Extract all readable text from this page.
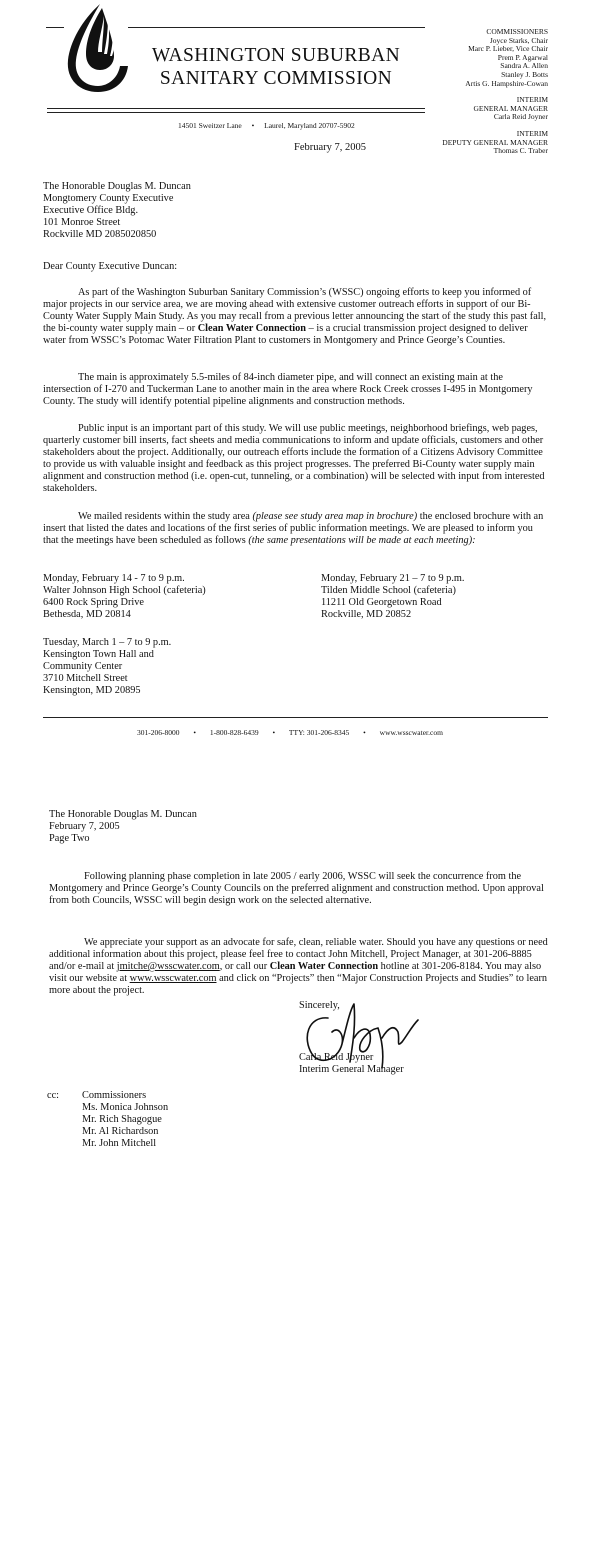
WASHINGTON SUBURBAN
SANITARY COMMISSION
14501 Sweitzer Lane • Laurel, Maryland 20707-5902
February 7, 2005
COMMISSIONERS
Joyce Starks, Chair
Marc P. Lieber, Vice Chair
Prem P. Agarwal
Sandra A. Allen
Stanley J. Botts
Artis G. Hampshire-Cowan
INTERIM
GENERAL MANAGER
Carla Reid Joyner
INTERIM
DEPUTY GENERAL MANAGER
Thomas C. Traber
The Honorable Douglas M. Duncan
Mongtomery County Executive
Executive Office Bldg.
101 Monroe Street
Rockville MD 2085020850
Dear County Executive Duncan:

As part of the Washington Suburban Sanitary Commission’s (WSSC) ongoing efforts to keep you informed of major projects in our service area, we are moving ahead with extensive customer outreach efforts in support of our Bi-County Water Supply Main Study. As you may recall from a previous letter announcing the start of the study this past fall, the bi-county water supply main – or Clean Water Connection – is a crucial transmission project designed to deliver water from WSSC’s Potomac Water Filtration Plant to customers in Montgomery and Prince George’s Counties.

The main is approximately 5.5-miles of 84-inch diameter pipe, and will connect an existing main at the intersection of I-270 and Tuckerman Lane to another main in the area where Rock Creek crosses I-495 in Montgomery County. The study will identify potential pipeline alignments and construction methods.

Public input is an important part of this study. We will use public meetings, neighborhood briefings, web pages, quarterly customer bill inserts, fact sheets and media communications to inform and update officials, customers and other stakeholders about the project. Additionally, our outreach efforts include the formation of a Citizens Advisory Committee to provide us with valuable insight and feedback as this project progresses. The preferred Bi-County water supply main alignment and construction method (i.e. open-cut, tunneling, or a combination) will be selected with input from interested stakeholders.

We mailed residents within the study area (please see study area map in brochure) the enclosed brochure with an insert that listed the dates and locations of the first series of public information meetings. We are pleased to inform you that the meetings have been scheduled as follows (the same presentations will be made at each meeting):

Monday, February 14 - 7 to 9 p.m.
Walter Johnson High School (cafeteria)
6400 Rock Spring Drive
Bethesda, MD 20814
Monday, February 21 – 7 to 9 p.m.
Tilden Middle School (cafeteria)
11211 Old Georgetown Road
Rockville, MD 20852
Tuesday, March 1 – 7 to 9 p.m.
Kensington Town Hall and
Community Center
3710 Mitchell Street
Kensington, MD 20895
301-206-8000 • 1-800-828-6439 • TTY: 301-206-8345 • www.wsscwater.com
The Honorable Douglas M. Duncan
February 7, 2005
Page Two

Following planning phase completion in late 2005 / early 2006, WSSC will seek the concurrence from the Montgomery and Prince George’s County Councils on the preferred alignment and construction method. Upon approval from both Councils, WSSC will begin design work on the selected alternative.

We appreciate your support as an advocate for safe, clean, reliable water. Should you have any questions or need additional information about this project, please feel free to contact John Mitchell, Project Manager, at 301-206-8885 and/or e-mail at jmitche@wsscwater.com, or call our Clean Water Connection hotline at 301-206-8184. You may also visit our website at www.wsscwater.com and click on “Projects” then “Major Construction Projects and Studies” to learn more about the project.

Sincerely,
Carla Reid Joyner
Interim General Manager
cc: Commissioners
Ms. Monica Johnson
Mr. Rich Shagogue
Mr. Al Richardson
Mr. John Mitchell
